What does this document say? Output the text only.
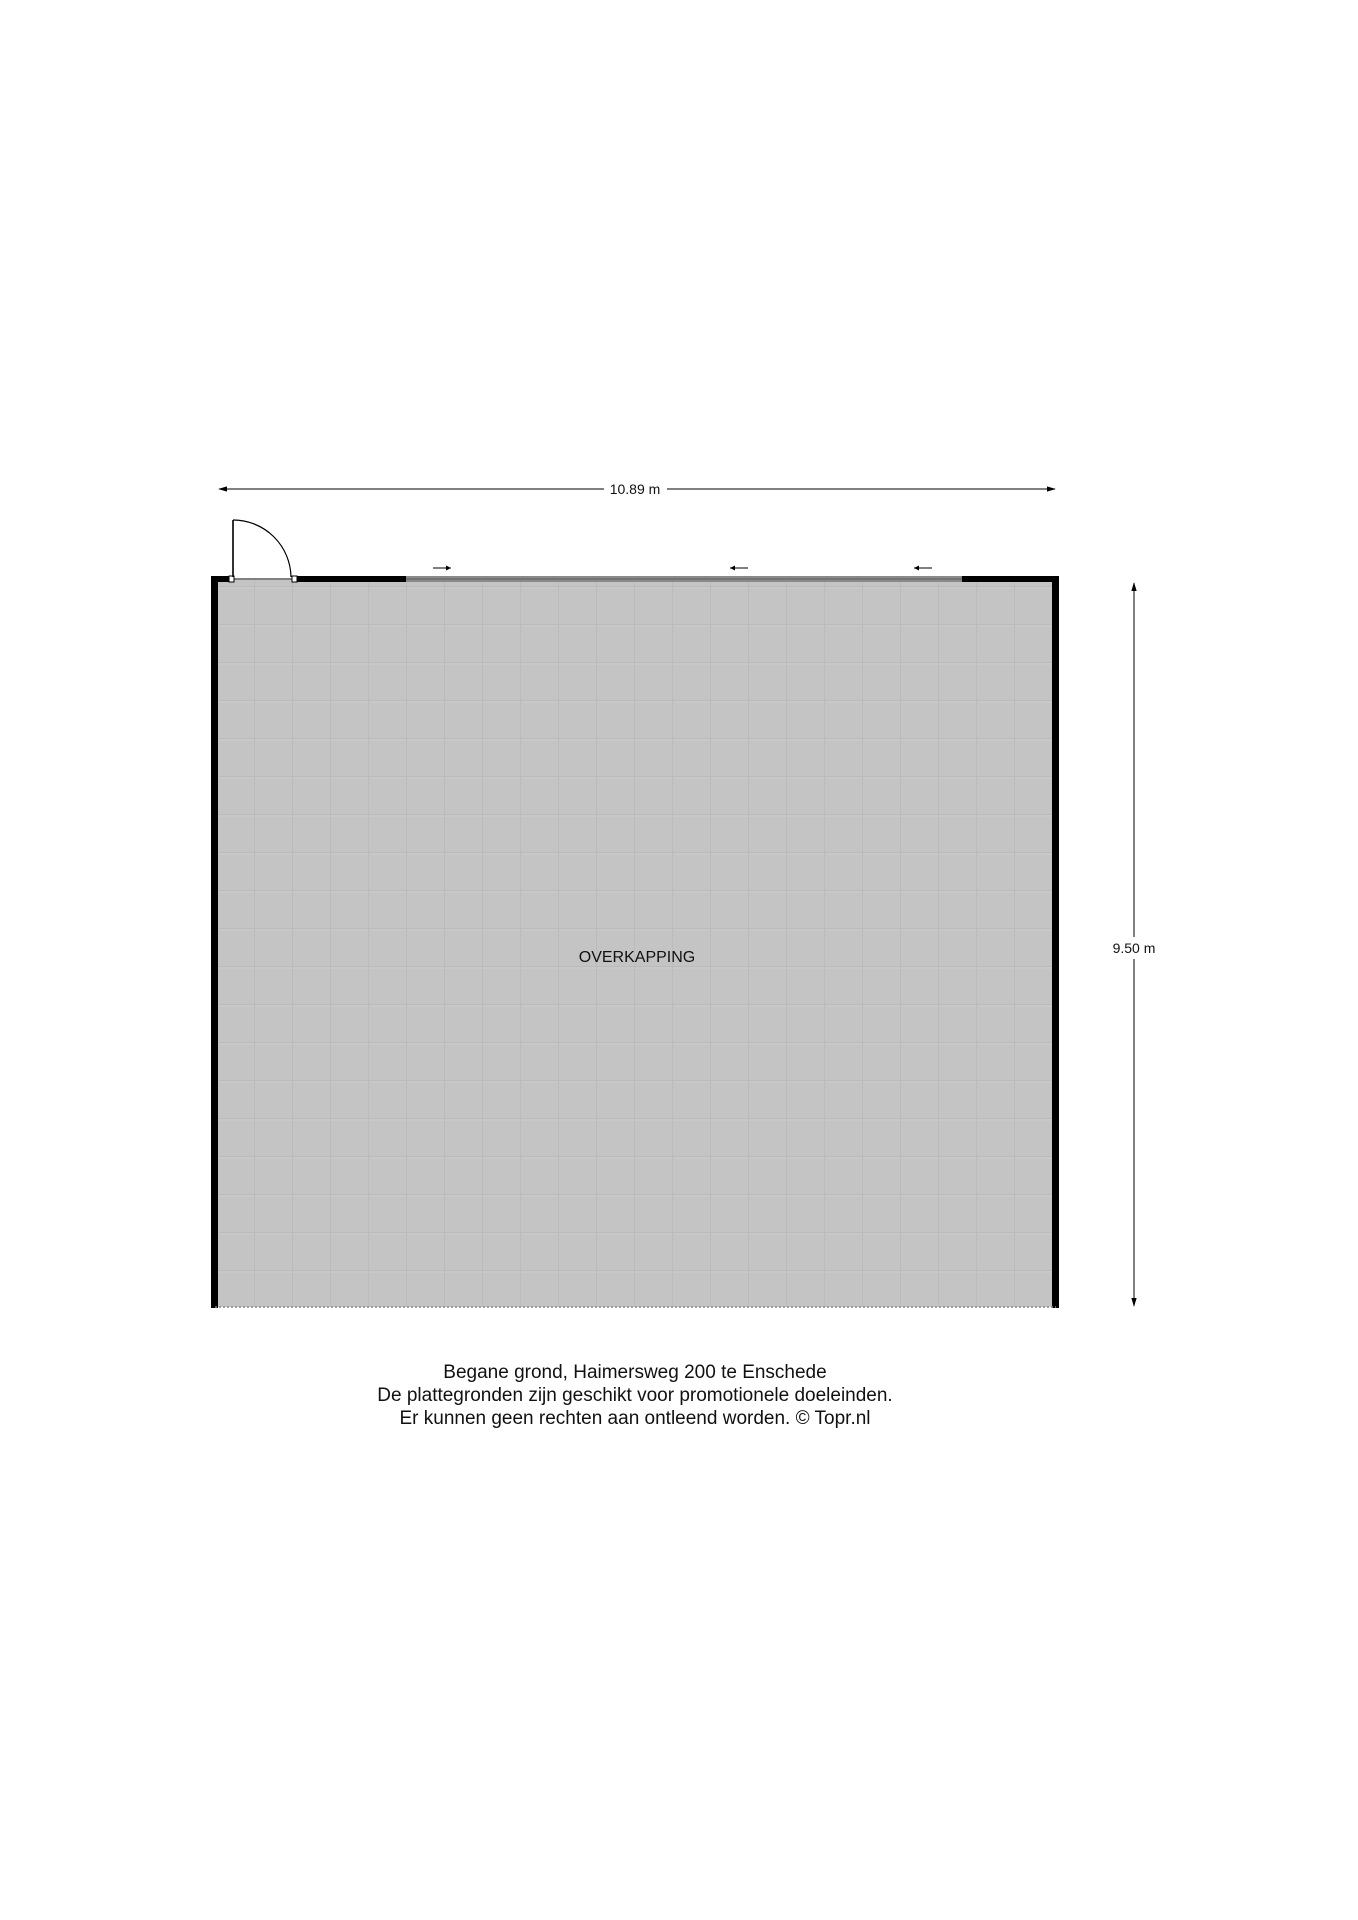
10.89 m
9.50 m
OVERKAPPING
Begane grond, Haimersweg 200 te Enschede
De plattegronden zijn geschikt voor promotionele doeleinden.
Er kunnen geen rechten aan ontleend worden. © Topr.nl
